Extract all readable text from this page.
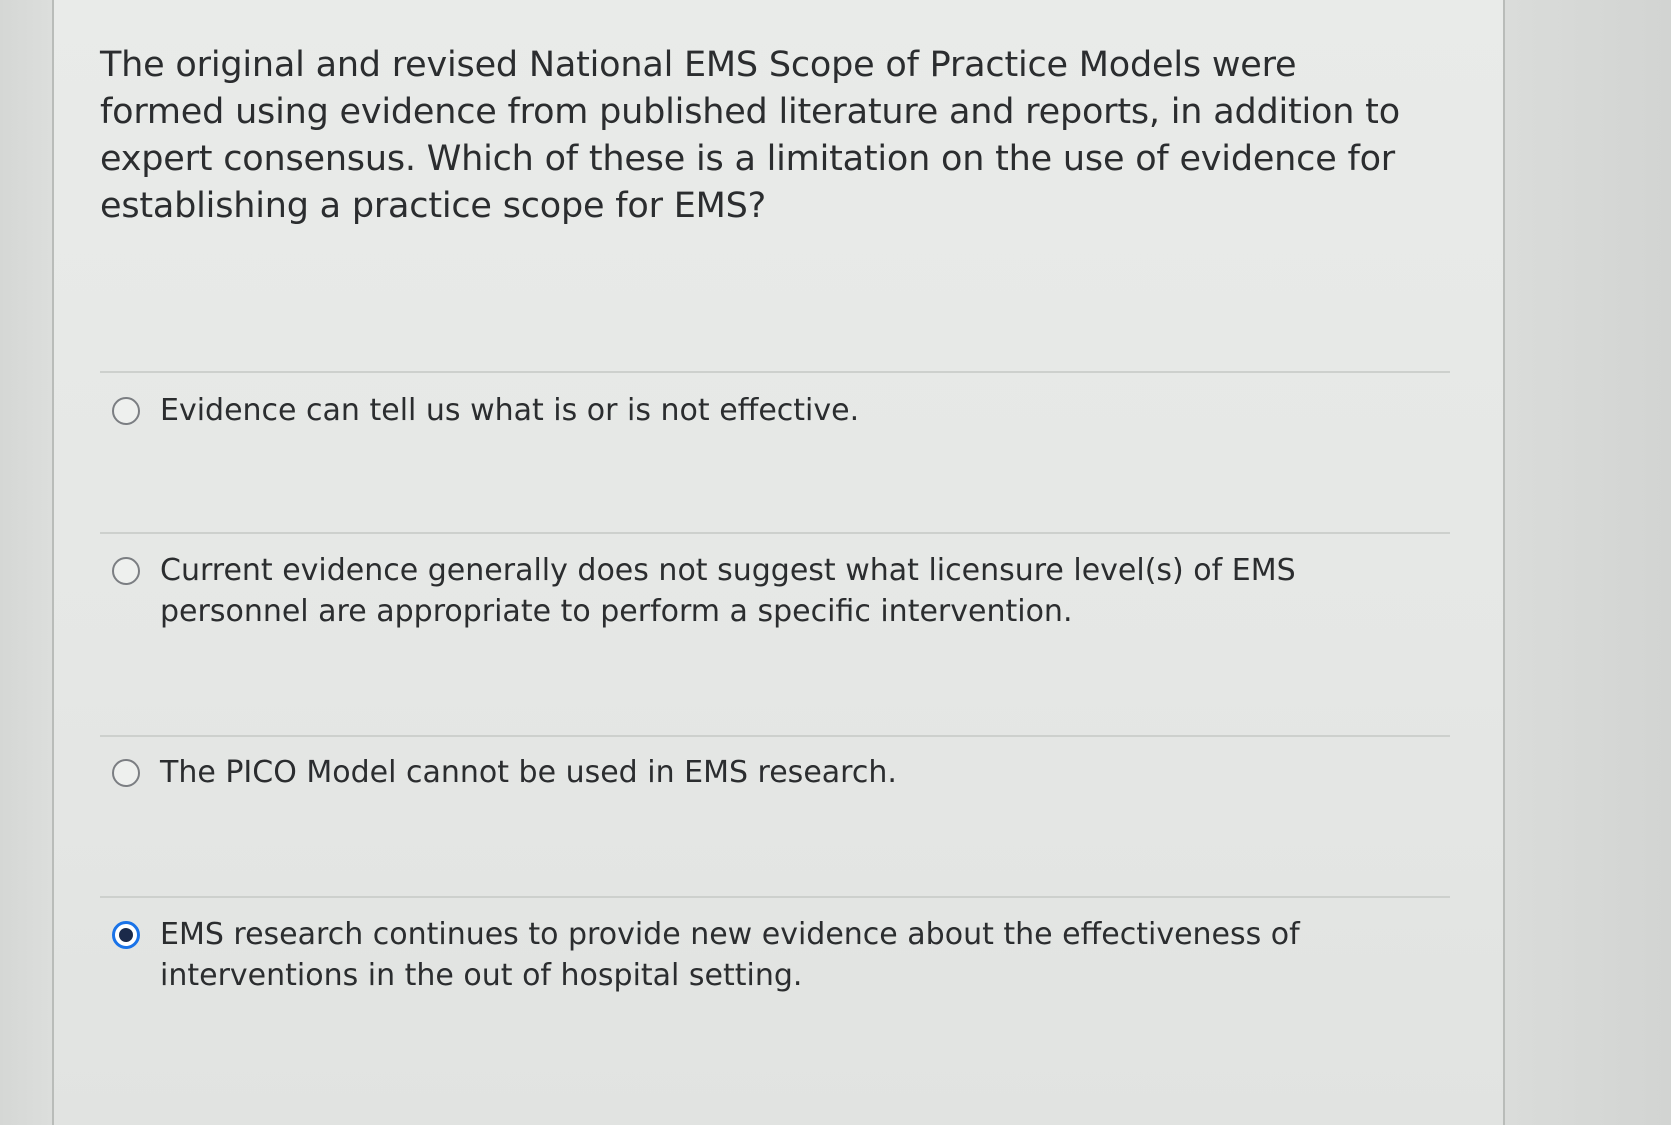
The original and revised National EMS Scope of Practice Models were formed using evidence from published literature and reports, in addition to expert consensus. Which of these is a limitation on the use of evidence for establishing a practice scope for EMS?

Evidence can tell us what is or is not effective.
Current evidence generally does not suggest what licensure level(s) of EMS personnel are appropriate to perform a specific intervention.
The PICO Model cannot be used in EMS research.
EMS research continues to provide new evidence about the effectiveness of interventions in the out of hospital setting.
